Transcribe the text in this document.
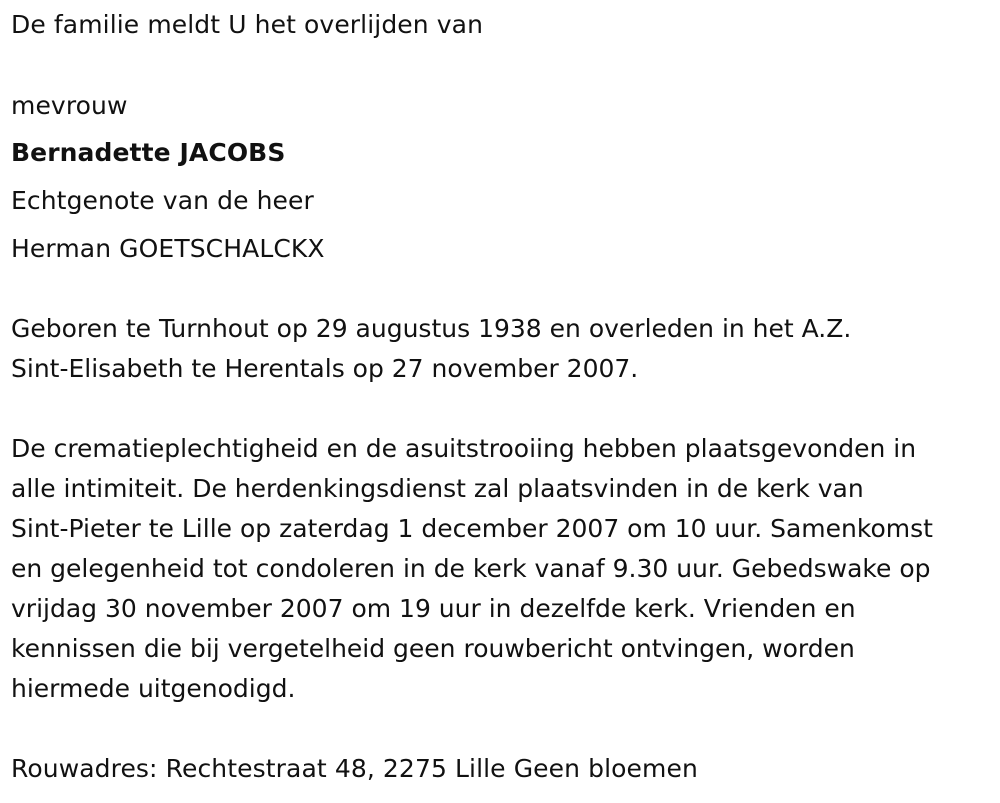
De familie meldt U het overlijden van
mevrouw
Bernadette JACOBS
Echtgenote van de heer
Herman GOETSCHALCKX
Geboren te Turnhout op 29 augustus 1938 en overleden in het A.Z.
Sint-Elisabeth te Herentals op 27 november 2007.
De crematieplechtigheid en de asuitstrooiing hebben plaatsgevonden in
alle intimiteit. De herdenkingsdienst zal plaatsvinden in de kerk van
Sint-Pieter te Lille op zaterdag 1 december 2007 om 10 uur. Samenkomst
en gelegenheid tot condoleren in de kerk vanaf 9.30 uur. Gebedswake op
vrijdag 30 november 2007 om 19 uur in dezelfde kerk. Vrienden en
kennissen die bij vergetelheid geen rouwbericht ontvingen, worden
hiermede uitgenodigd.
Rouwadres: Rechtestraat 48, 2275 Lille Geen bloemen
